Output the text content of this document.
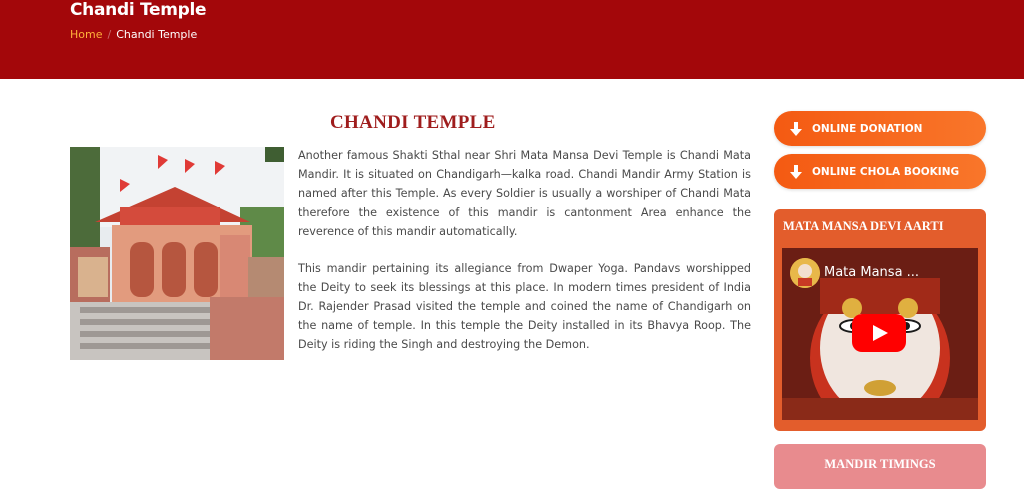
Chandi Temple
Home / Chandi Temple
CHANDI TEMPLE

Another famous Shakti Sthal near Shri Mata Mansa Devi Temple is Chandi Mata Mandir. It is situated on Chandigarh—kalka road. Chandi Mandir Army Station is named after this Temple. As every Soldier is usually a worshiper of Chandi Mata therefore the existence of this mandir is cantonment Area enhance the reverence of this mandir automatically.

This mandir pertaining its allegiance from Dwaper Yoga. Pandavs worshipped the Deity to seek its blessings at this place. In modern times president of India Dr. Rajender Prasad visited the temple and coined the name of Chandigarh on the name of temple. In this temple the Deity installed in its Bhavya Roop. The Deity is riding the Singh and destroying the Demon.

ONLINE DONATION
ONLINE CHOLA BOOKING
MATA MANSA DEVI AARTI
Mata Mansa ...
MANDIR TIMINGS
